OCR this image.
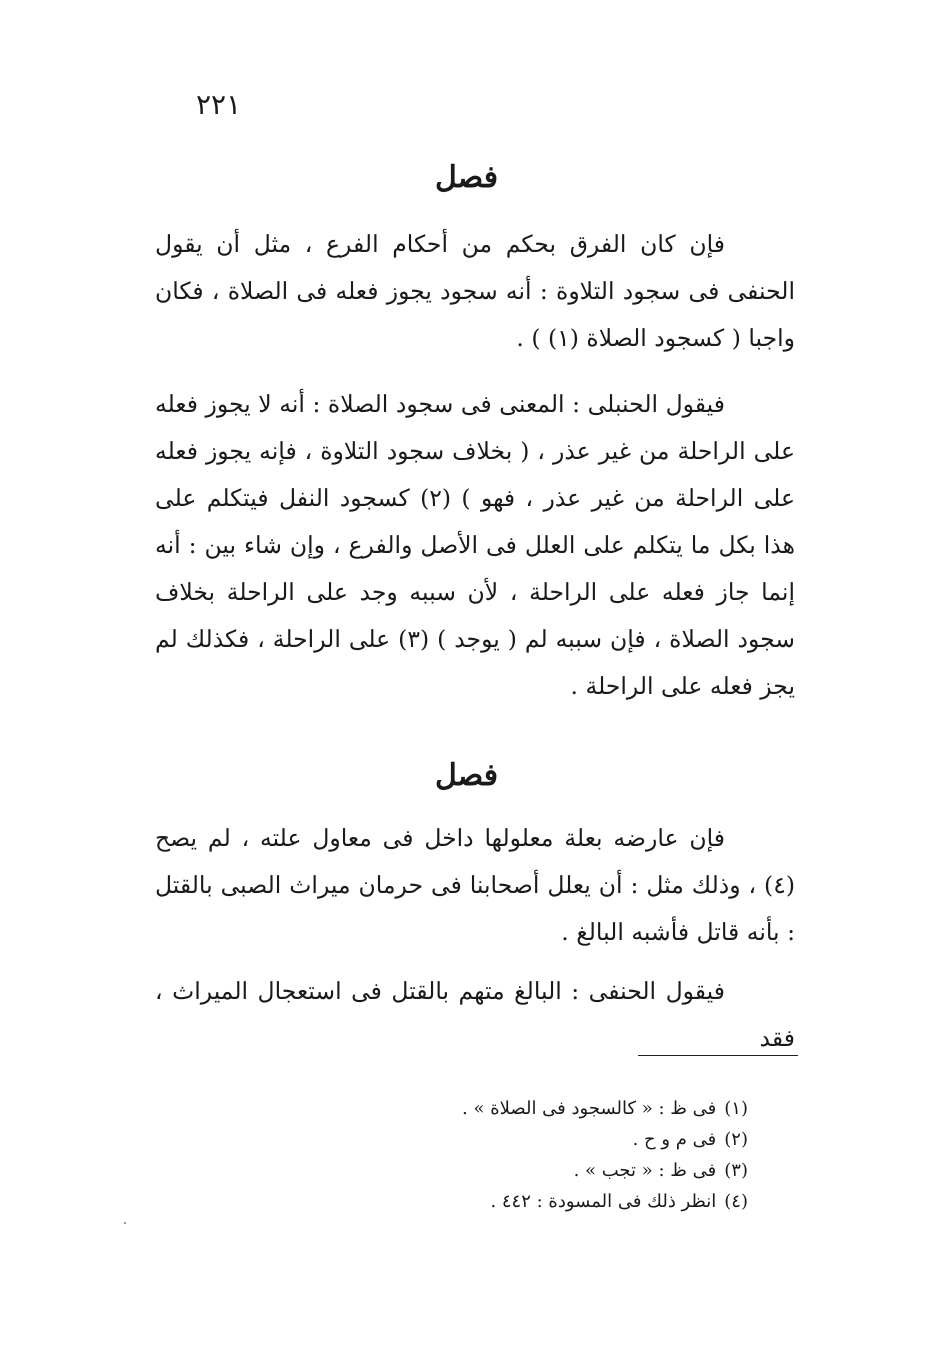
٢٢١
فصل

فإن كان الفرق بحكم من أحكام الفرع ، مثل أن يقول الحنفى فى سجود التلاوة : أنه سجود يجوز فعله فى الصلاة ، فكان واجبا ( كسجود الصلاة (١) ) .

فيقول الحنبلى : المعنى فى سجود الصلاة : أنه لا يجوز فعله على الراحلة من غير عذر ، ( بخلاف سجود التلاوة ، فإنه يجوز فعله على الراحلة من غير عذر ، فهو ) (٢) كسجود النفل فيتكلم على هذا بكل ما يتكلم على العلل فى الأصل والفرع ، وإن شاء بين : أنه إنما جاز فعله على الراحلة ، لأن سببه وجد على الراحلة بخلاف سجود الصلاة ، فإن سببه لم ( يوجد ) (٣) على الراحلة ، فكذلك لم يجز فعله على الراحلة .

فصل

فإن عارضه بعلة معلولها داخل فى معاول علته ، لم يصح (٤) ، وذلك مثل : أن يعلل أصحابنا فى حرمان ميراث الصبى بالقتل : بأنه قاتل فأشبه البالغ .

فيقول الحنفى : البالغ متهم بالقتل فى استعجال الميراث ، فقد

(١)فى ظ : « كالسجود فى الصلاة » .
(٢)فى م و ح .
(٣)فى ظ : « تجب » .
(٤)انظر ذلك فى المسودة : ٤٤٢ .
